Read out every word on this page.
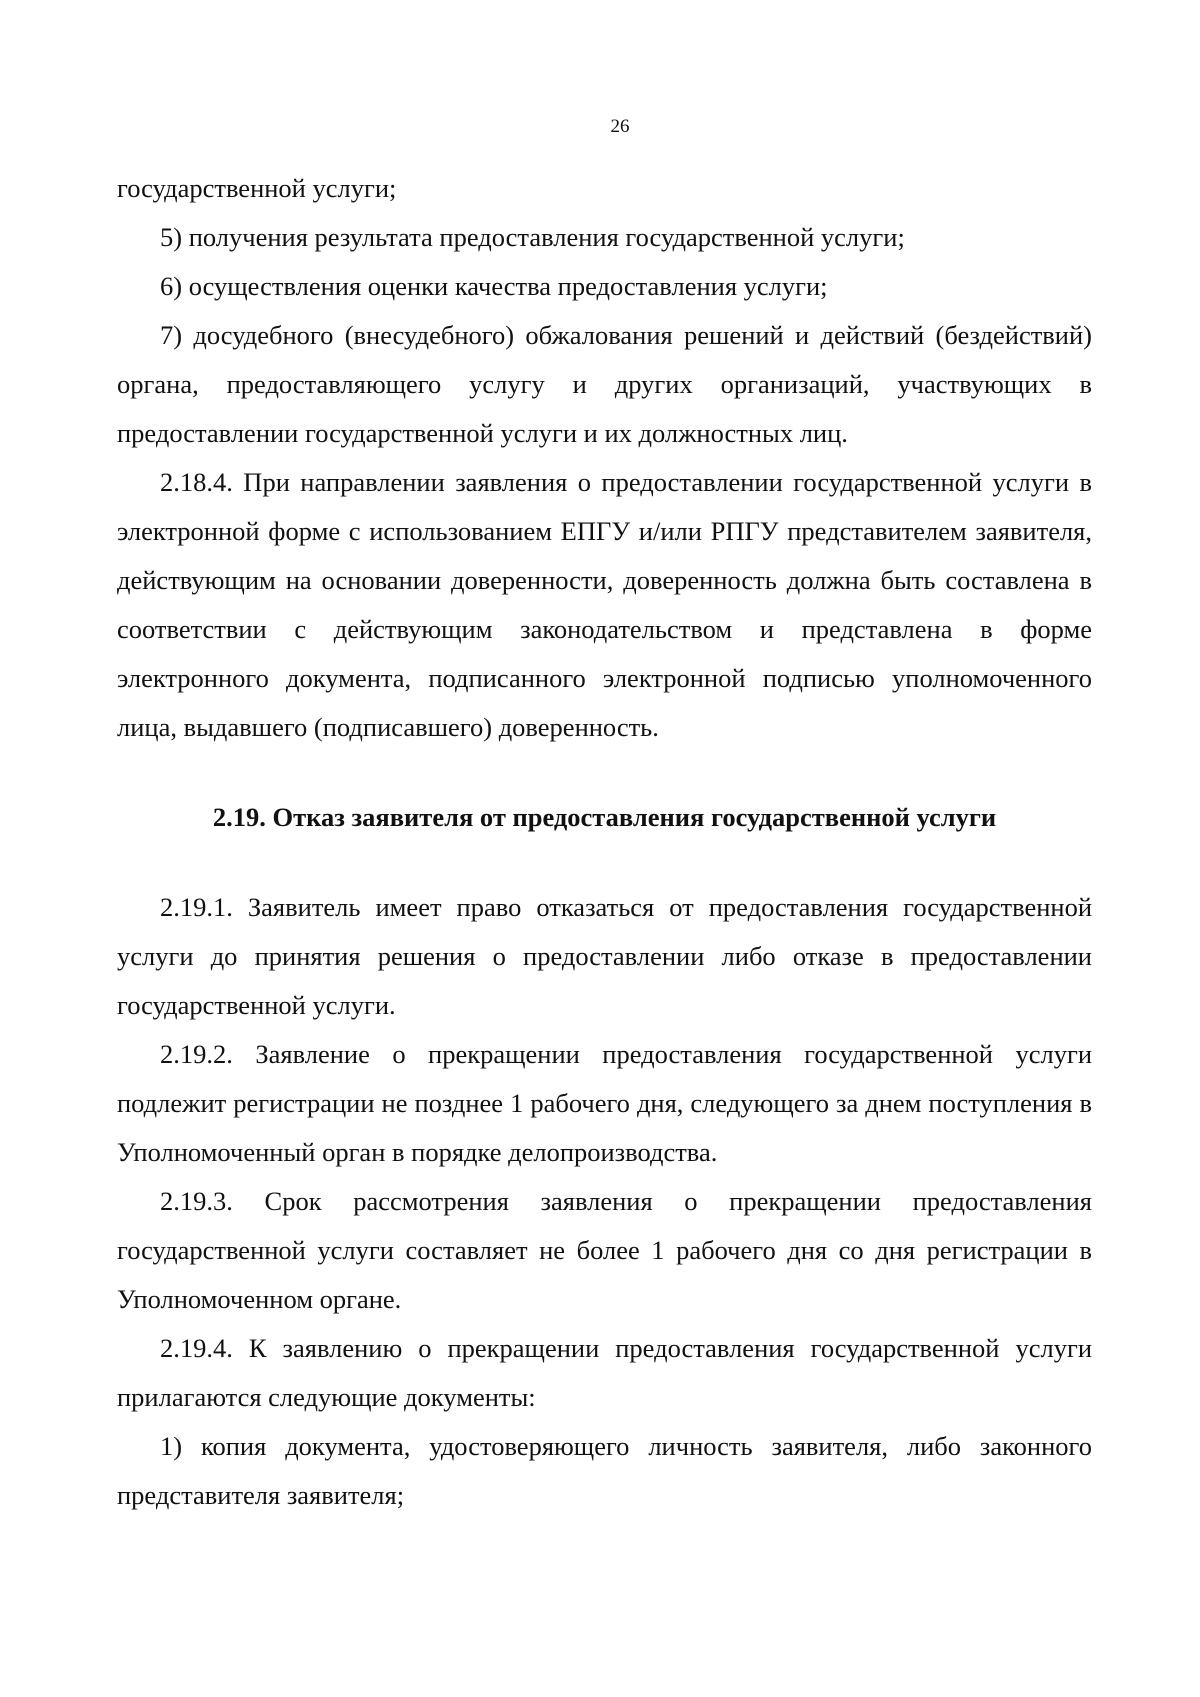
26

государственной услуги;

5) получения результата предоставления государственной услуги;

6) осуществления оценки качества предоставления услуги;

7) досудебного (внесудебного) обжалования решений и действий (бездействий) органа, предоставляющего услугу и других организаций, участвующих в предоставлении государственной услуги и их должностных лиц.

2.18.4. При направлении заявления о предоставлении государственной услуги в электронной форме с использованием ЕПГУ и/или РПГУ представителем заявителя, действующим на основании доверенности, доверенность должна быть составлена в соответствии с действующим законодательством и представлена в форме электронного документа, подписанного электронной подписью уполномоченного лица, выдавшего (подписавшего) доверенность.

2.19. Отказ заявителя от предоставления государственной услуги

2.19.1. Заявитель имеет право отказаться от предоставления государственной услуги до принятия решения о предоставлении либо отказе в предоставлении государственной услуги.

2.19.2. Заявление о прекращении предоставления государственной услуги подлежит регистрации не позднее 1 рабочего дня, следующего за днем поступления в Уполномоченный орган в порядке делопроизводства.

2.19.3. Срок рассмотрения заявления о прекращении предоставления государственной услуги составляет не более 1 рабочего дня со дня регистрации в Уполномоченном органе.

2.19.4. К заявлению о прекращении предоставления государственной услуги прилагаются следующие документы:

1) копия документа, удостоверяющего личность заявителя, либо законного представителя заявителя;
